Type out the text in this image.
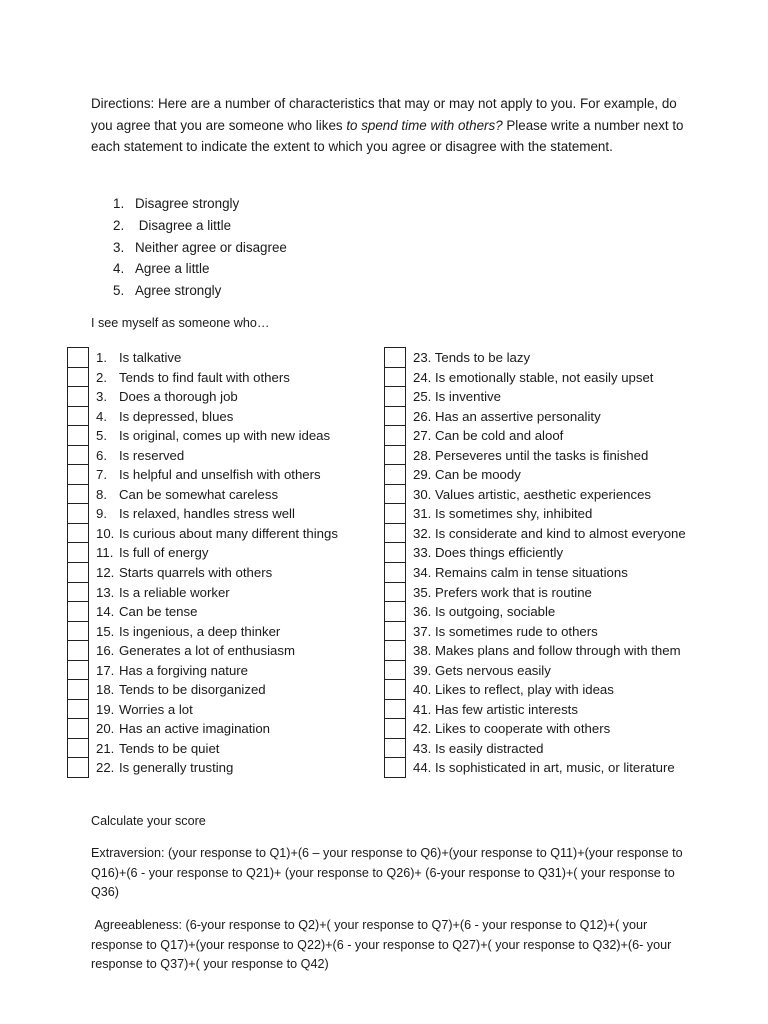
Directions: Here are a number of characteristics that may or may not apply to you. For example, do you agree that you are someone who likes to spend time with others? Please write a number next to each statement to indicate the extent to which you agree or disagree with the statement.

1. Disagree strongly
2. Disagree a little
3. Neither agree or disagree
4. Agree a little
5. Agree strongly
I see myself as someone who…
1. Is talkative
2. Tends to find fault with others
3. Does a thorough job
4. Is depressed, blues
5. Is original, comes up with new ideas
6. Is reserved
7. Is helpful and unselfish with others
8. Can be somewhat careless
9. Is relaxed, handles stress well
10. Is curious about many different things
11. Is full of energy
12. Starts quarrels with others
13. Is a reliable worker
14. Can be tense
15. Is ingenious, a deep thinker
16. Generates a lot of enthusiasm
17. Has a forgiving nature
18. Tends to be disorganized
19. Worries a lot
20. Has an active imagination
21. Tends to be quiet
22. Is generally trusting
23. Tends to be lazy
24. Is emotionally stable, not easily upset
25. Is inventive
26. Has an assertive personality
27. Can be cold and aloof
28. Perseveres until the tasks is finished
29. Can be moody
30. Values artistic, aesthetic experiences
31. Is sometimes shy, inhibited
32. Is considerate and kind to almost everyone
33. Does things efficiently
34. Remains calm in tense situations
35. Prefers work that is routine
36. Is outgoing, sociable
37. Is sometimes rude to others
38. Makes plans and follow through with them
39. Gets nervous easily
40. Likes to reflect, play with ideas
41. Has few artistic interests
42. Likes to cooperate with others
43. Is easily distracted
44. Is sophisticated in art, music, or literature
Calculate your score

Extraversion: (your response to Q1)+(6 – your response to Q6)+(your response to Q11)+(your response to Q16)+(6 - your response to Q21)+ (your response to Q26)+ (6-your response to Q31)+( your response to Q36)

Agreeableness: (6-your response to Q2)+( your response to Q7)+(6 - your response to Q12)+( your response to Q17)+(your response to Q22)+(6 - your response to Q27)+( your response to Q32)+(6- your response to Q37)+( your response to Q42)
